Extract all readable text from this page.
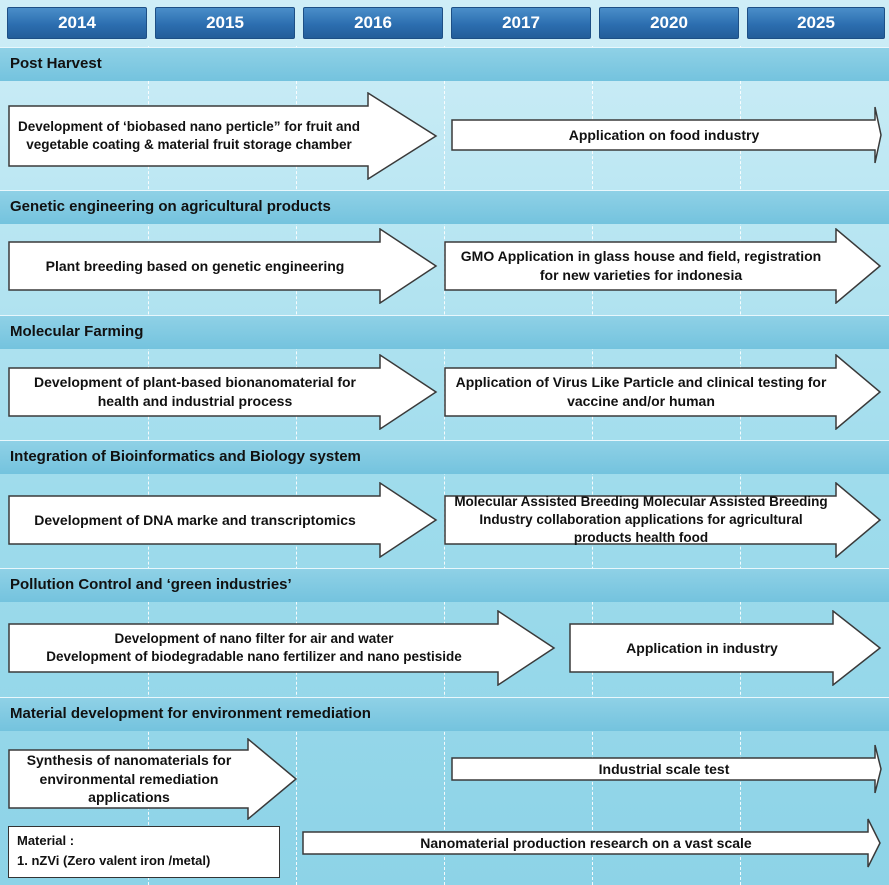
2014	2015	2016	2017	2020	2025
Post Harvest
Genetic engineering on agricultural products
Molecular Farming
Integration of Bioinformatics and Biology system
Pollution Control and ‘green industries’
Material development for environment remediation
Development of ‘biobased nano perticle” for fruit and vegetable coating & material fruit storage chamber
Application on food industry
Plant breeding based on genetic engineering
GMO Application in glass house and field, registration for new varieties for indonesia
Development of plant-based bionanomaterial for health and industrial process
Application of Virus Like Particle and clinical testing for vaccine and/or human
Development of DNA marke and transcriptomics
Molecular Assisted Breeding Molecular Assisted Breeding Industry collaboration applications for agricultural products health food
Development of nano filter for air and water
Development of biodegradable nano fertilizer and nano pestiside
Application in industry
Synthesis of nanomaterials for environmental remediation applications
Industrial scale test
Nanomaterial production research on a vast scale
Material :
1. nZVi (Zero valent iron /metal)
